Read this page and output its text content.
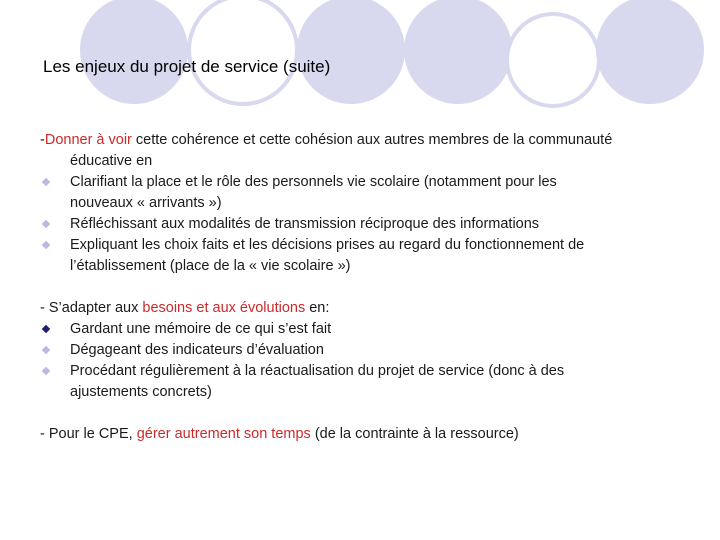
Les enjeux du projet de service (suite)

-Donner à voir cette cohérence et cette cohésion aux autres membres de la communauté

éducative en

Clarifiant la place et le rôle des personnels vie scolaire (notamment pour les
nouveaux « arrivants »)
Réfléchissant aux modalités de transmission réciproque des informations
Expliquant les choix faits et les décisions prises au regard du fonctionnement de
l’établissement (place de la « vie scolaire »)

- S’adapter aux besoins et aux évolutions en:

Gardant une mémoire de ce qui s’est fait
Dégageant des indicateurs d’évaluation
Procédant régulièrement à la réactualisation du projet de service (donc à des
ajustements concrets)

- Pour le CPE, gérer autrement son temps (de la contrainte à la ressource)
